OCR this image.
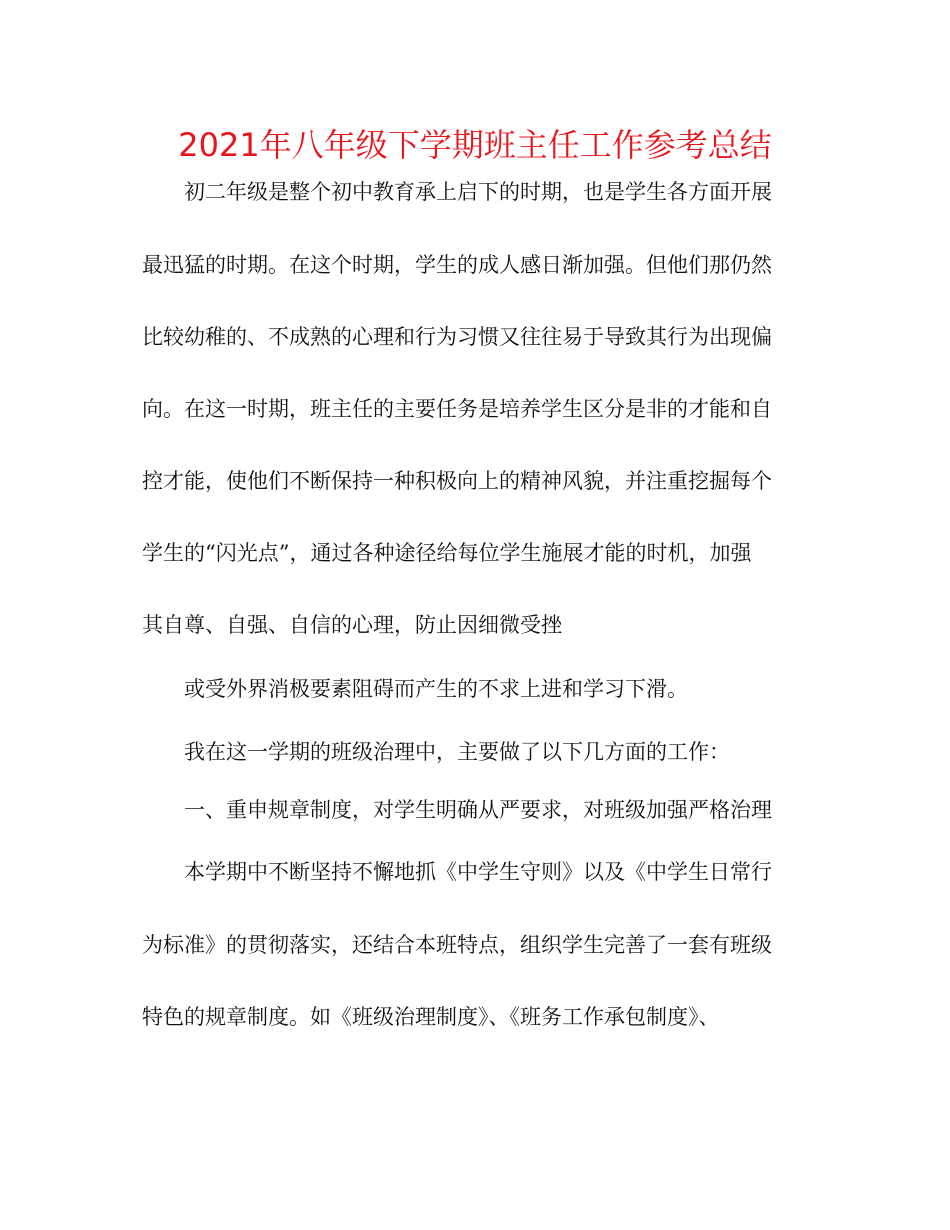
2021年八年级下学期班主任工作参考总结

初二年级是整个初中教育承上启下的时期，也是学生各方面开展

最迅猛的时期。在这个时期，学生的成人感日渐加强。但他们那仍然

比较幼稚的、不成熟的心理和行为习惯又往往易于导致其行为出现偏

向。在这一时期，班主任的主要任务是培养学生区分是非的才能和自

控才能，使他们不断保持一种积极向上的精神风貌，并注重挖掘每个

学生的“闪光点”，通过各种途径给每位学生施展才能的时机，加强

其自尊、自强、自信的心理，防止因细微受挫

或受外界消极要素阻碍而产生的不求上进和学习下滑。

我在这一学期的班级治理中，主要做了以下几方面的工作：

一、重申规章制度，对学生明确从严要求，对班级加强严格治理

本学期中不断坚持不懈地抓《中学生守则》以及《中学生日常行

为标准》的贯彻落实，还结合本班特点，组织学生完善了一套有班级

特色的规章制度。如《班级治理制度》、《班务工作承包制度》、
